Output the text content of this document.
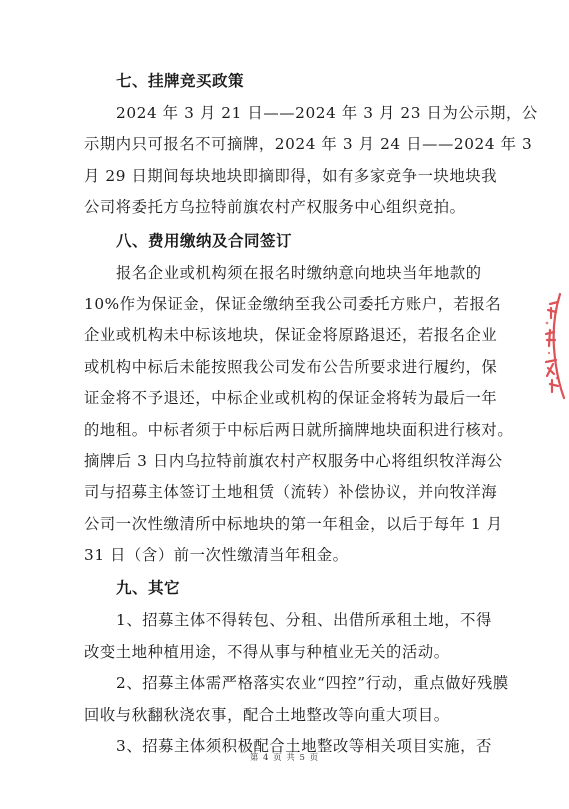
七、挂牌竞买政策
2024 年 3 月 21 日——2024 年 3 月 23 日为公示期，公
示期内只可报名不可摘牌，2024 年 3 月 24 日——2024 年 3
月 29 日期间每块地块即摘即得，如有多家竞争一块地块我
公司将委托方乌拉特前旗农村产权服务中心组织竞拍。
八、费用缴纳及合同签订
报名企业或机构须在报名时缴纳意向地块当年地款的
10%作为保证金，保证金缴纳至我公司委托方账户，若报名
企业或机构未中标该地块，保证金将原路退还，若报名企业
或机构中标后未能按照我公司发布公告所要求进行履约，保
证金将不予退还，中标企业或机构的保证金将转为最后一年
的地租。中标者须于中标后两日就所摘牌地块面积进行核对。
摘牌后 3 日内乌拉特前旗农村产权服务中心将组织牧洋海公
司与招募主体签订土地租赁（流转）补偿协议，并向牧洋海
公司一次性缴清所中标地块的第一年租金，以后于每年 1 月
31 日（含）前一次性缴清当年租金。
九、其它
1、招募主体不得转包、分租、出借所承租土地，不得
改变土地种植用途，不得从事与种植业无关的活动。
2、招募主体需严格落实农业“四控”行动，重点做好残膜
回收与秋翻秋浇农事，配合土地整改等向重大项目。
3、招募主体须积极配合土地整改等相关项目实施，否
第 4 页 共 5 页
